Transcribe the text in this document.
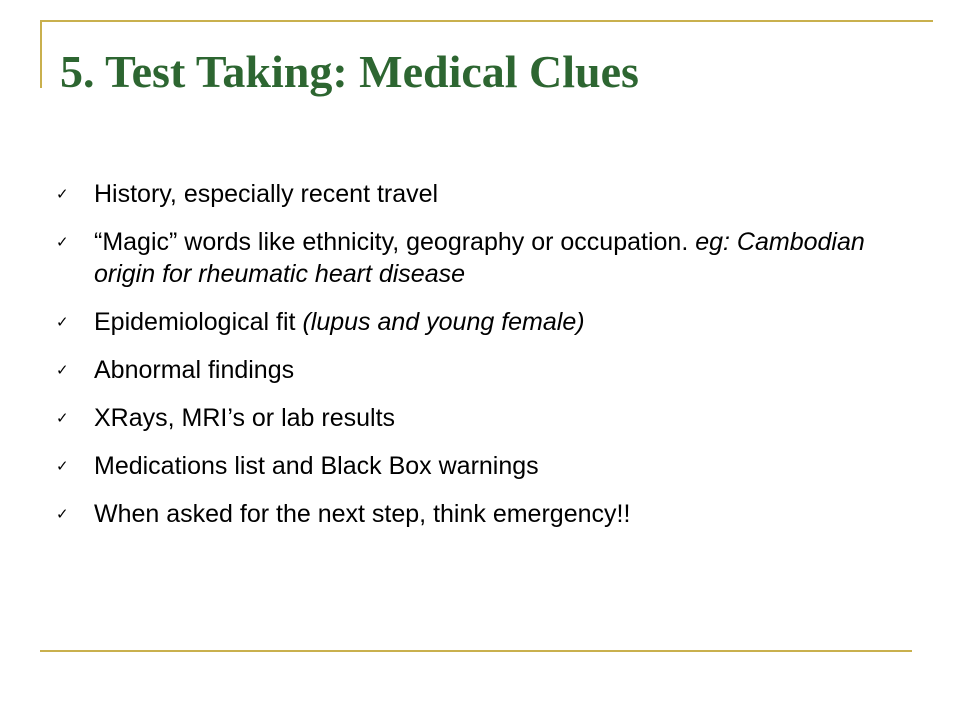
5. Test Taking: Medical Clues
✓ History, especially recent travel
✓ “Magic” words like ethnicity, geography or occupation. eg: Cambodian origin for rheumatic heart disease
✓ Epidemiological fit (lupus and young female)
✓ Abnormal findings
✓ XRays, MRI’s or lab results
✓ Medications list and Black Box warnings
✓ When asked for the next step, think emergency!!
